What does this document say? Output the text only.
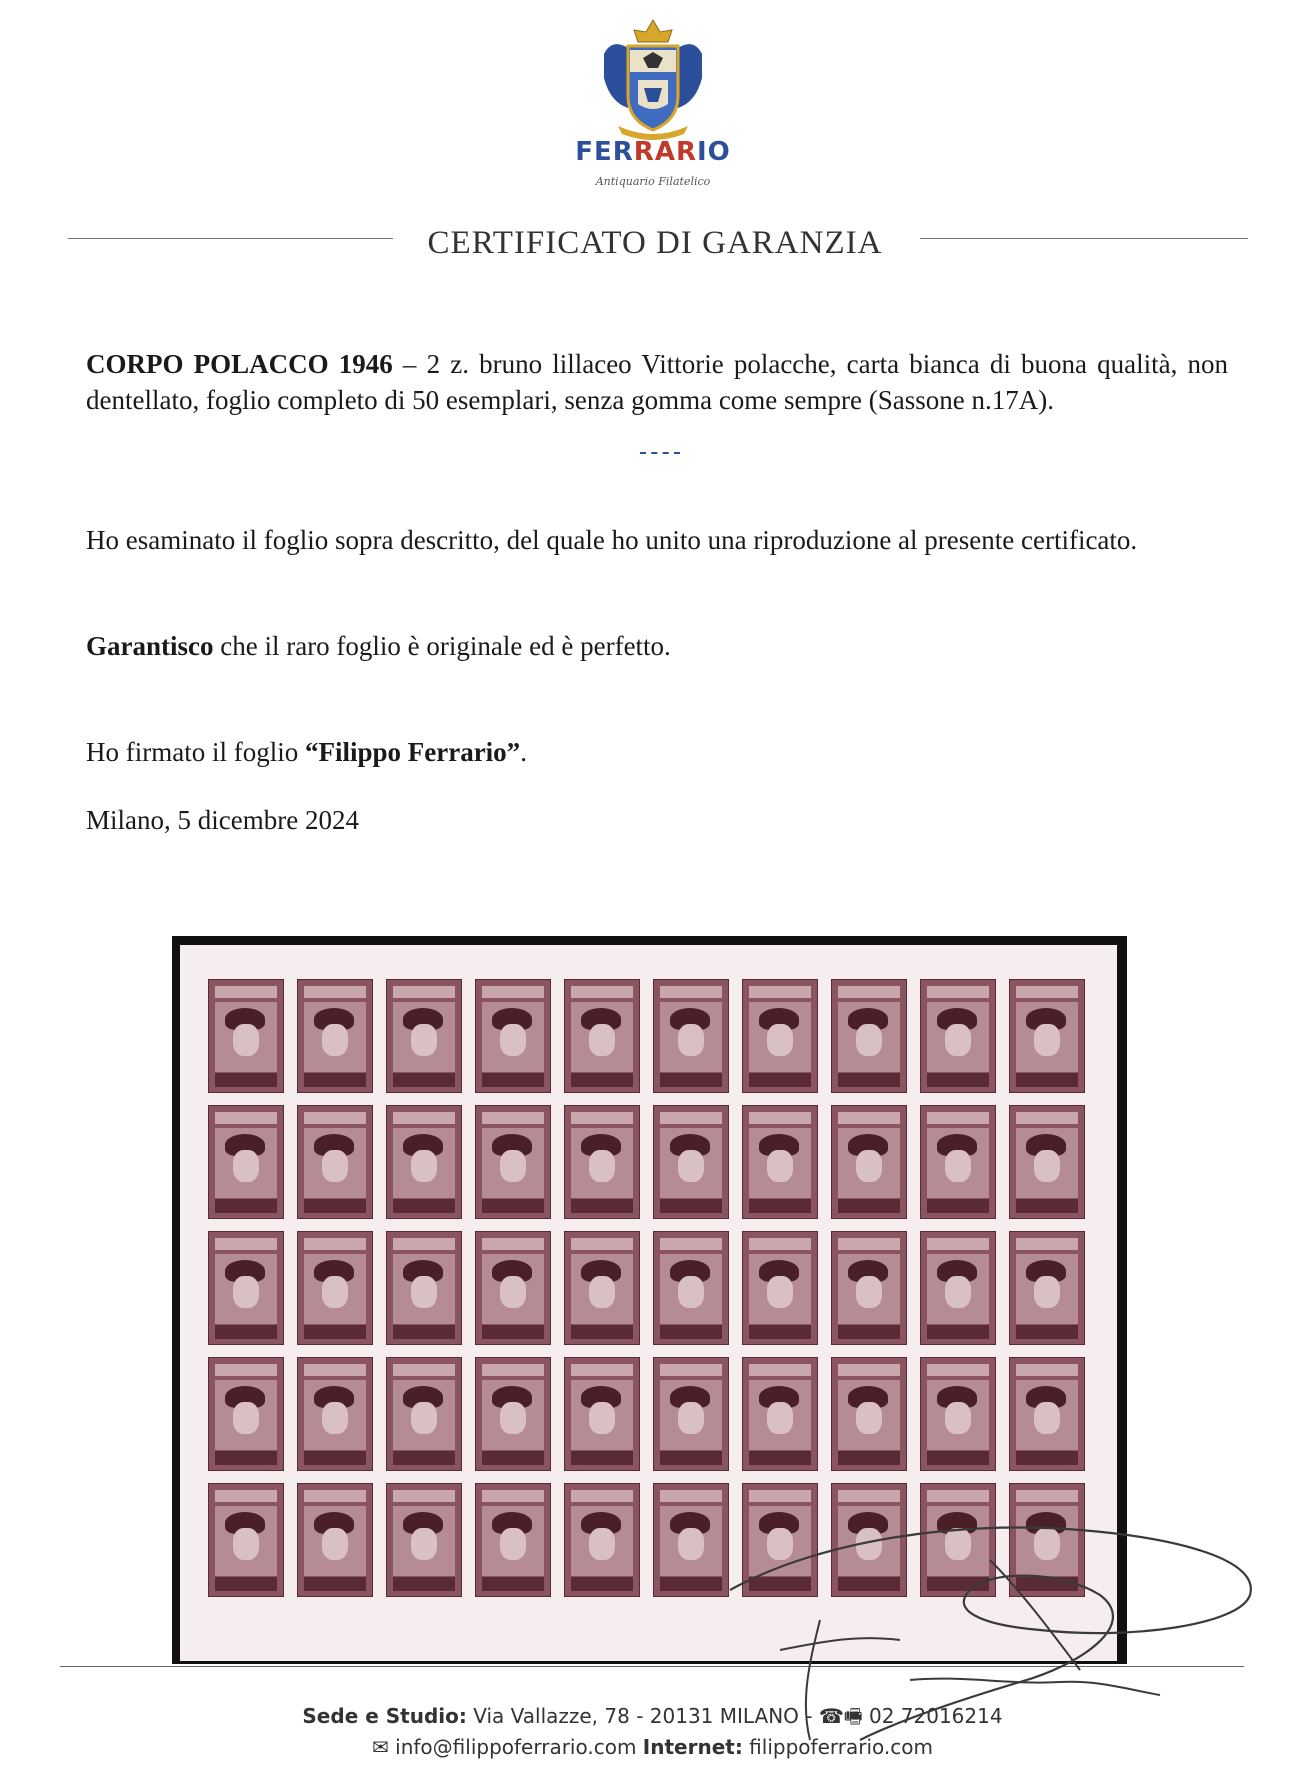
FERRARIO
Antiquario Filatelico
CERTIFICATO DI GARANZIA
CORPO POLACCO 1946 – 2 z. bruno lillaceo Vittorie polacche, carta bianca di buona qualità, non dentellato, foglio completo di 50 esemplari, senza gomma come sempre (Sassone n.17A).
Ho esaminato il foglio sopra descritto, del quale ho unito una riproduzione al presente certificato.
Garantisco che il raro foglio è originale ed è perfetto.
Ho firmato il foglio “Filippo Ferrario”.
Milano, 5 dicembre 2024
Sede e Studio: Via Vallazze, 78 - 20131 MILANO - ☎🖷 02 72016214
✉ info@filippoferrario.com Internet: filippoferrario.com
